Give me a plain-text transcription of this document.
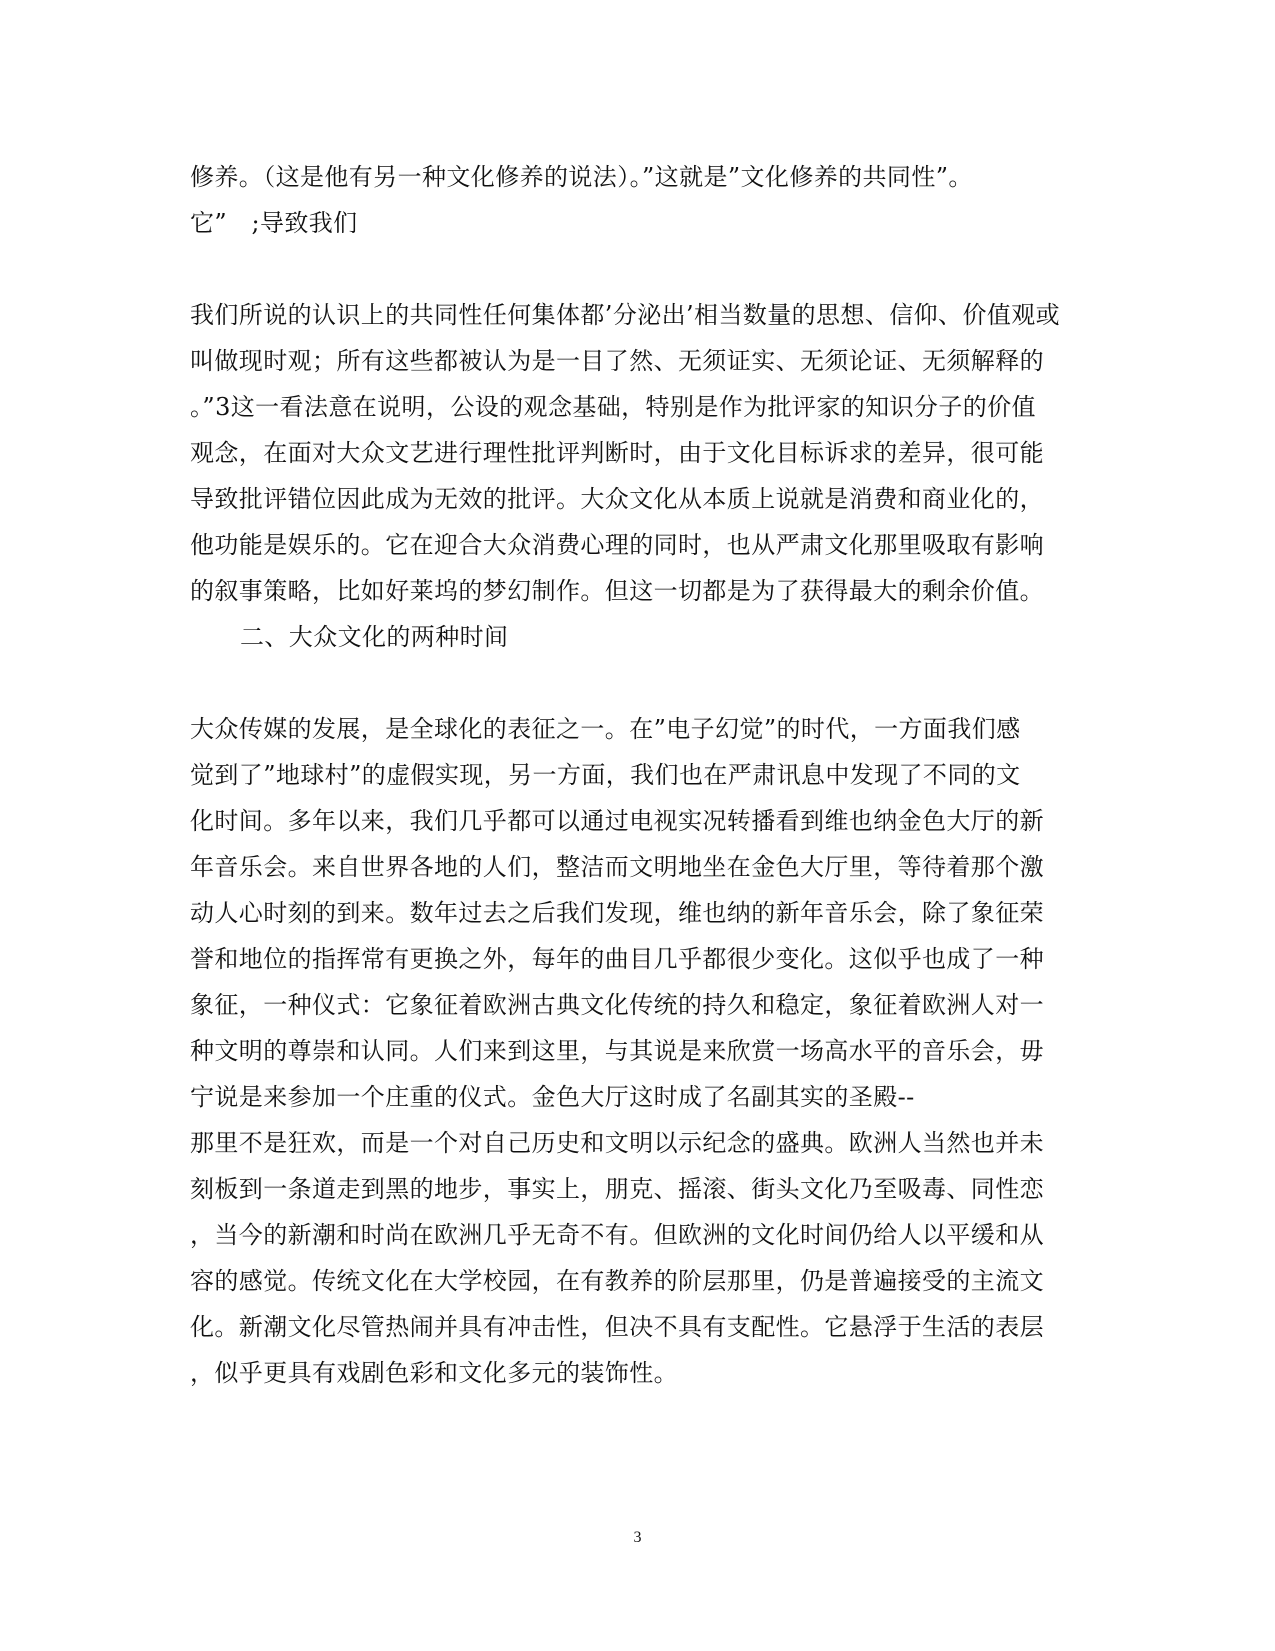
修养。（这是他有另一种文化修养的说法）。”这就是”文化修养的共同性”。
它”　;导致我们
我们所说的认识上的共同性任何集体都’分泌出’相当数量的思想、信仰、价值观或
叫做现时观；所有这些都被认为是一目了然、无须证实、无须论证、无须解释的
。”3这一看法意在说明，公设的观念基础，特别是作为批评家的知识分子的价值
观念，在面对大众文艺进行理性批评判断时，由于文化目标诉求的差异，很可能
导致批评错位因此成为无效的批评。大众文化从本质上说就是消费和商业化的，
他功能是娱乐的。它在迎合大众消费心理的同时，也从严肃文化那里吸取有影响
的叙事策略，比如好莱坞的梦幻制作。但这一切都是为了获得最大的剩余价值。
二、大众文化的两种时间
大众传媒的发展，是全球化的表征之一。在”电子幻觉”的时代，一方面我们感
觉到了”地球村”的虚假实现，另一方面，我们也在严肃讯息中发现了不同的文
化时间。多年以来，我们几乎都可以通过电视实况转播看到维也纳金色大厅的新
年音乐会。来自世界各地的人们，整洁而文明地坐在金色大厅里，等待着那个激
动人心时刻的到来。数年过去之后我们发现，维也纳的新年音乐会，除了象征荣
誉和地位的指挥常有更换之外，每年的曲目几乎都很少变化。这似乎也成了一种
象征，一种仪式：它象征着欧洲古典文化传统的持久和稳定，象征着欧洲人对一
种文明的尊崇和认同。人们来到这里，与其说是来欣赏一场高水平的音乐会，毋
宁说是来参加一个庄重的仪式。金色大厅这时成了名副其实的圣殿--
那里不是狂欢，而是一个对自己历史和文明以示纪念的盛典。欧洲人当然也并未
刻板到一条道走到黑的地步，事实上，朋克、摇滚、街头文化乃至吸毒、同性恋
，当今的新潮和时尚在欧洲几乎无奇不有。但欧洲的文化时间仍给人以平缓和从
容的感觉。传统文化在大学校园，在有教养的阶层那里，仍是普遍接受的主流文
化。新潮文化尽管热闹并具有冲击性，但决不具有支配性。它悬浮于生活的表层
，似乎更具有戏剧色彩和文化多元的装饰性。
3
